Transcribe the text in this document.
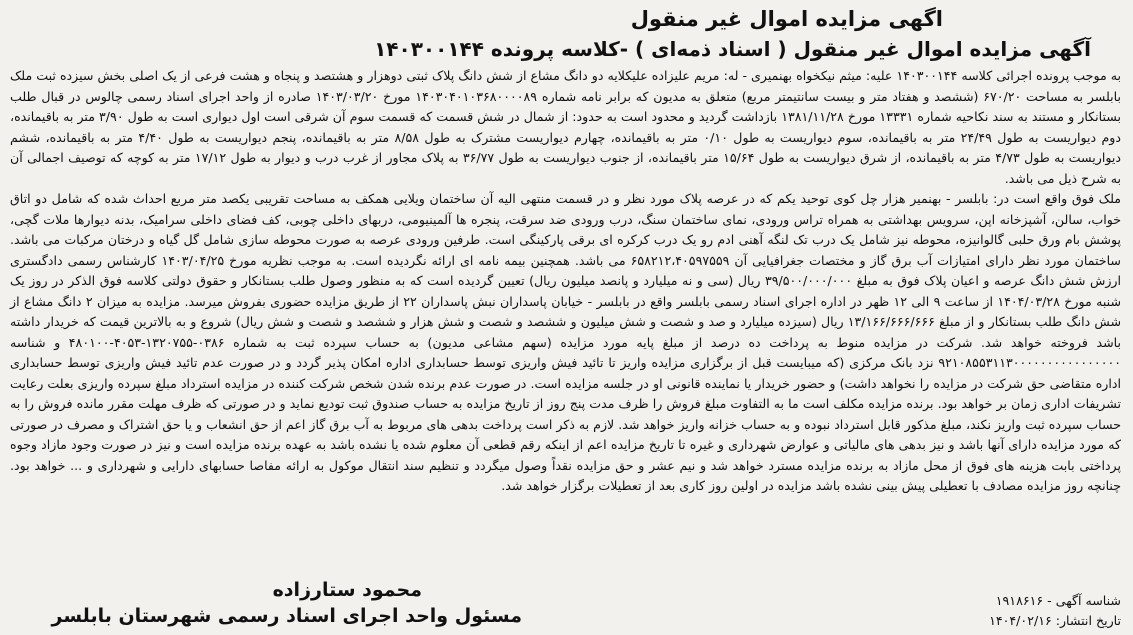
اگهی مزایده اموال غیر منقول
آگهی مزایده اموال غیر منقول ( اسناد ذمه‌ای ) -کلاسه پرونده ۱۴۰۳۰۰۱۴۴

به موجب پرونده اجرائی کلاسه ۱۴۰۳۰۰۱۴۴ علیه: میثم نیکخواه بهنمیری - له: مریم علیزاده علیکلایه دو دانگ مشاع از شش دانگ پلاک ثبتی دوهزار و هشتصد و پنجاه و هشت فرعی از یک اصلی بخش سیزده ثبت ملک بابلسر به مساحت ۶۷۰/۲۰ (ششصد و هفتاد متر و بیست سانتیمتر مربع) متعلق به مدیون که برابر نامه شماره ۱۴۰۳۰۴۰۱۰۳۶۸۰۰۰۰۸۹ مورخ ۱۴۰۳/۰۳/۲۰ صادره از واحد اجرای اسناد رسمی چالوس در قبال طلب بستانکار و مستند به سند نکاحیه شماره ۱۳۳۳۱ مورخ ۱۳۸۱/۱۱/۲۸ بازداشت گردید و محدود است به حدود: از شمال در شش قسمت که قسمت سوم آن شرقی است اول دیواری است به طول ۳/۹۰ متر به باقیمانده، دوم دیواریست به طول ۲۴/۴۹ متر به باقیمانده، سوم دیواریست به طول ۰/۱۰ متر به باقیمانده، چهارم دیواریست مشترک به طول ۸/۵۸ متر به باقیمانده، پنجم دیواریست به طول ۴/۴۰ متر به باقیمانده، ششم دیواریست به طول ۴/۷۳ متر به باقیمانده، از شرق دیواریست به طول ۱۵/۶۴ متر باقیمانده، از جنوب دیواریست به طول ۳۶/۷۷ به پلاک مجاور از غرب درب و دیوار به طول ۱۷/۱۲ متر به کوچه که توصیف اجمالی آن به شرح ذیل می باشد.

ملک فوق واقع است در: بابلسر - بهنمیر هزار چل کوی توحید یکم که در عرصه پلاک مورد نظر و در قسمت منتهی الیه آن ساختمان ویلایی همکف به مساحت تقریبی یکصد متر مربع احداث شده که شامل دو اتاق خواب، سالن، آشپزخانه اپن، سرویس بهداشتی به همراه تراس ورودی، نمای ساختمان سنگ، درب ورودی ضد سرقت، پنجره ها آلمینیومی، دربهای داخلی چوبی، کف فضای داخلی سرامیک، بدنه دیوارها ملات گچی، پوشش بام ورق حلبی گالوانیزه، محوطه نیز شامل یک درب تک لنگه آهنی ادم رو یک درب کرکره ای برقی پارکینگی است. طرفین ورودی عرصه به صورت محوطه سازی شامل گل گیاه و درختان مرکبات می باشد. ساختمان مورد نظر دارای امتیازات آب برق گاز و مختصات جغرافیایی آن ۶۵۸۲۱۲،۴۰۵۹۷۵۵۹ می باشد. همچنین بیمه نامه ای ارائه نگردیده است. به موجب نظریه مورخ ۱۴۰۳/۰۴/۲۵ کارشناس رسمی دادگستری ارزش شش دانگ عرصه و اعیان پلاک فوق به مبلغ ۳۹/۵۰۰/۰۰۰/۰۰۰ ریال (سی و نه میلیارد و پانصد میلیون ریال) تعیین گردیده است که به منظور وصول طلب بستانکار و حقوق دولتی کلاسه فوق الذکر در روز یک شنبه مورخ ۱۴۰۴/۰۳/۲۸ از ساعت ۹ الی ۱۲ ظهر در اداره اجرای اسناد رسمی بابلسر واقع در بابلسر - خیابان پاسداران نبش پاسداران ۲۲ از طریق مزایده حضوری بفروش میرسد. مزایده به میزان ۲ دانگ مشاع از شش دانگ طلب بستانکار و از مبلغ ۱۳/۱۶۶/۶۶۶/۶۶۶ ریال (سیزده میلیارد و صد و شصت و شش میلیون و ششصد و شصت و شش هزار و ششصد و شصت و شش ریال) شروع و به بالاترین قیمت که خریدار داشته باشد فروخته خواهد شد. شرکت در مزایده منوط به پرداخت ده درصد از مبلغ پایه مورد مزایده (سهم مشاعی مدیون) به حساب سپرده ثبت به شماره ۰۳۸۶-۱۳۲۰۷۵۵-۴۰۵۳-۴۸۰۱۰۰ و شناسه ۹۲۱۰۸۵۵۳۱۱۳۰۰۰۰۰۰۰۰۰۰۰۰۰۰۰۰ نزد بانک مرکزی (که میبایست قبل از برگزاری مزایده واریز تا تائید فیش واریزی توسط حسابداری اداره امکان پذیر گردد و در صورت عدم تائید فیش واریزی توسط حسابداری اداره متقاضی حق شرکت در مزایده را نخواهد داشت) و حضور خریدار یا نماینده قانونی او در جلسه مزایده است. در صورت عدم برنده شدن شخص شرکت کننده در مزایده استرداد مبلغ سپرده واریزی بعلت رعایت تشریفات اداری زمان بر خواهد بود. برنده مزایده مکلف است ما به التفاوت مبلغ فروش را ظرف مدت پنج روز از تاریخ مزایده به حساب صندوق ثبت تودیع نماید و در صورتی که ظرف مهلت مقرر مانده فروش را به حساب سپرده ثبت واریز نکند، مبلغ مذکور قابل استرداد نبوده و به حساب خزانه واریز خواهد شد. لازم به ذکر است پرداخت بدهی های مربوط به آب برق گاز اعم از حق انشعاب و یا حق اشتراک و مصرف در صورتی که مورد مزایده دارای آنها باشد و نیز بدهی های مالیاتی و عوارض شهرداری و غیره تا تاریخ مزایده اعم از اینکه رقم قطعی آن معلوم شده یا نشده باشد به عهده برنده مزایده است و نیز در صورت وجود مازاد وجوه پرداختی بابت هزینه های فوق از محل مازاد به برنده مزایده مسترد خواهد شد و نیم عشر و حق مزایده نقداً وصول میگردد و تنظیم سند انتقال موکول به ارائه مفاصا حسابهای دارایی و شهرداری و ... خواهد بود. چنانچه روز مزایده مصادف با تعطیلی پیش بینی نشده باشد مزایده در اولین روز کاری بعد از تعطیلات برگزار خواهد شد.

محمود ستارزاده
مسئول واحد اجرای اسناد رسمی شهرستان بابلسر
شناسه آگهی - ۱۹۱۸۶۱۶
تاریخ انتشار: ۱۴۰۴/۰۲/۱۶
